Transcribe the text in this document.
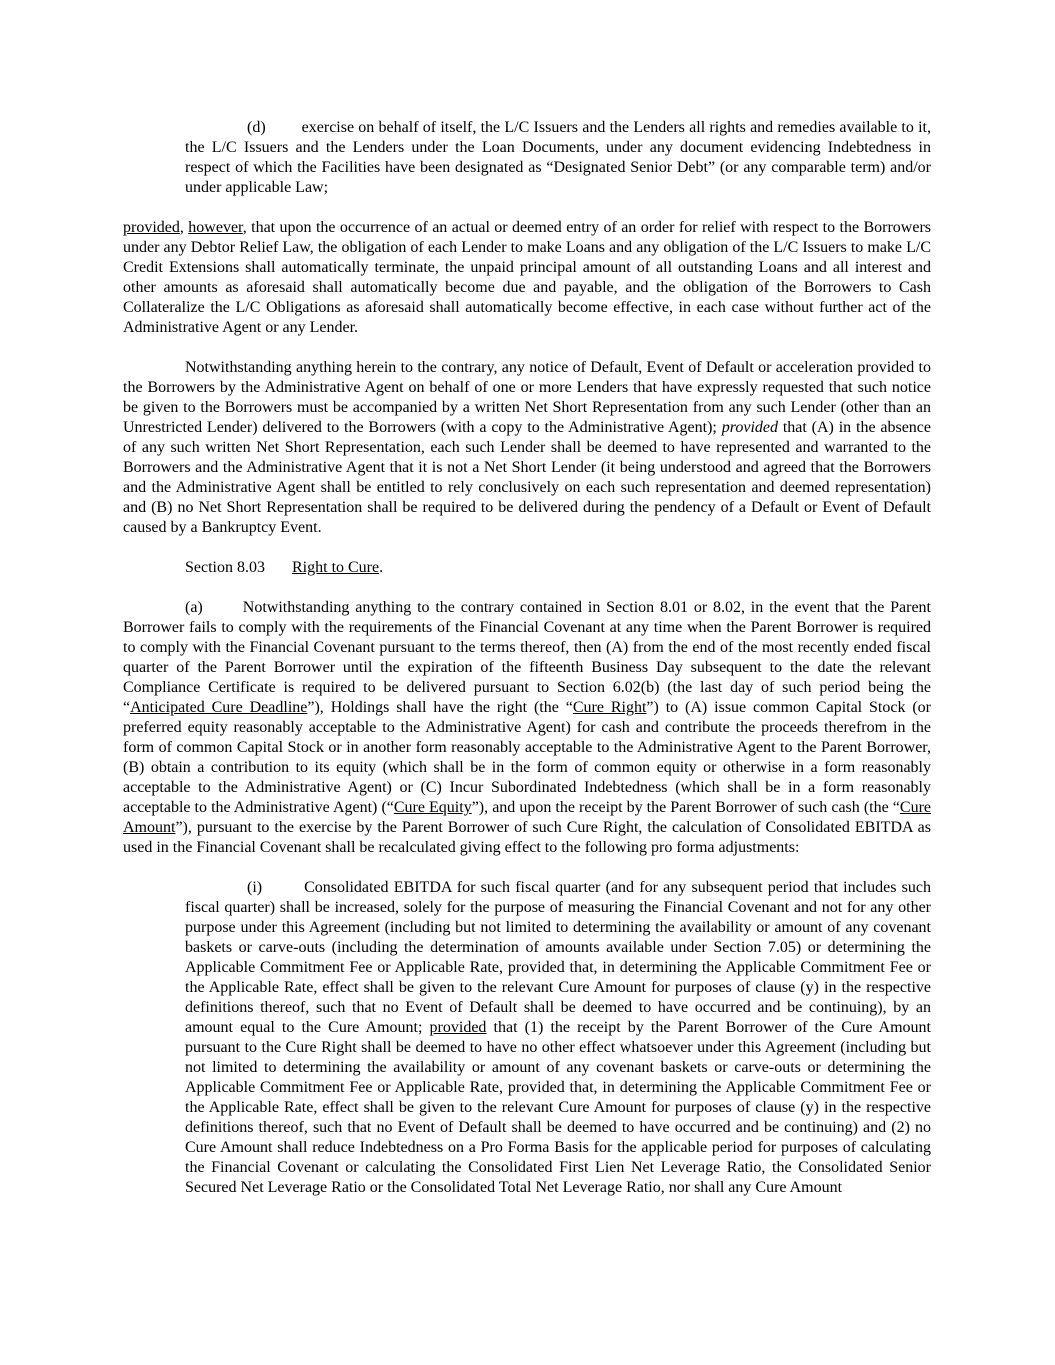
(d) exercise on behalf of itself, the L/C Issuers and the Lenders all rights and remedies available to it, the L/C Issuers and the Lenders under the Loan Documents, under any document evidencing Indebtedness in respect of which the Facilities have been designated as “Designated Senior Debt” (or any comparable term) and/or under applicable Law;

provided, however, that upon the occurrence of an actual or deemed entry of an order for relief with respect to the Borrowers under any Debtor Relief Law, the obligation of each Lender to make Loans and any obligation of the L/C Issuers to make L/C Credit Extensions shall automatically terminate, the unpaid principal amount of all outstanding Loans and all interest and other amounts as aforesaid shall automatically become due and payable, and the obligation of the Borrowers to Cash Collateralize the L/C Obligations as aforesaid shall automatically become effective, in each case without further act of the Administrative Agent or any Lender.

Notwithstanding anything herein to the contrary, any notice of Default, Event of Default or acceleration provided to the Borrowers by the Administrative Agent on behalf of one or more Lenders that have expressly requested that such notice be given to the Borrowers must be accompanied by a written Net Short Representation from any such Lender (other than an Unrestricted Lender) delivered to the Borrowers (with a copy to the Administrative Agent); provided that (A) in the absence of any such written Net Short Representation, each such Lender shall be deemed to have represented and warranted to the Borrowers and the Administrative Agent that it is not a Net Short Lender (it being understood and agreed that the Borrowers and the Administrative Agent shall be entitled to rely conclusively on each such representation and deemed representation) and (B) no Net Short Representation shall be required to be delivered during the pendency of a Default or Event of Default caused by a Bankruptcy Event.

Section 8.03 Right to Cure.

(a)	Notwithstanding anything to the contrary contained in Section 8.01 or 8.02, in the event that the Parent Borrower fails to comply with the requirements of the Financial Covenant at any time when the Parent Borrower is required to comply with the Financial Covenant pursuant to the terms thereof, then (A) from the end of the most recently ended fiscal quarter of the Parent Borrower until the expiration of the fifteenth Business Day subsequent to the date the relevant Compliance Certificate is required to be delivered pursuant to Section 6.02(b) (the last day of such period being the “Anticipated Cure Deadline”), Holdings shall have the right (the “Cure Right”) to (A) issue common Capital Stock (or preferred equity reasonably acceptable to the Administrative Agent) for cash and contribute the proceeds therefrom in the form of common Capital Stock or in another form reasonably acceptable to the Administrative Agent to the Parent Borrower, (B) obtain a contribution to its equity (which shall be in the form of common equity or otherwise in a form reasonably acceptable to the Administrative Agent) or (C) Incur Subordinated Indebtedness (which shall be in a form reasonably acceptable to the Administrative Agent) (“Cure Equity”), and upon the receipt by the Parent Borrower of such cash (the “Cure Amount”), pursuant to the exercise by the Parent Borrower of such Cure Right, the calculation of Consolidated EBITDA as used in the Financial Covenant shall be recalculated giving effect to the following pro forma adjustments:

(i)	Consolidated EBITDA for such fiscal quarter (and for any subsequent period that includes such fiscal quarter) shall be increased, solely for the purpose of measuring the Financial Covenant and not for any other purpose under this Agreement (including but not limited to determining the availability or amount of any covenant baskets or carve-outs (including the determination of amounts available under Section 7.05) or determining the Applicable Commitment Fee or Applicable Rate, provided that, in determining the Applicable Commitment Fee or the Applicable Rate, effect shall be given to the relevant Cure Amount for purposes of clause (y) in the respective definitions thereof, such that no Event of Default shall be deemed to have occurred and be continuing), by an amount equal to the Cure Amount; provided that (1) the receipt by the Parent Borrower of the Cure Amount pursuant to the Cure Right shall be deemed to have no other effect whatsoever under this Agreement (including but not limited to determining the availability or amount of any covenant baskets or carve-outs or determining the Applicable Commitment Fee or Applicable Rate, provided that, in determining the Applicable Commitment Fee or the Applicable Rate, effect shall be given to the relevant Cure Amount for purposes of clause (y) in the respective definitions thereof, such that no Event of Default shall be deemed to have occurred and be continuing) and (2) no Cure Amount shall reduce Indebtedness on a Pro Forma Basis for the applicable period for purposes of calculating the Financial Covenant or calculating the Consolidated First Lien Net Leverage Ratio, the Consolidated Senior Secured Net Leverage Ratio or the Consolidated Total Net Leverage Ratio, nor shall any Cure Amount
